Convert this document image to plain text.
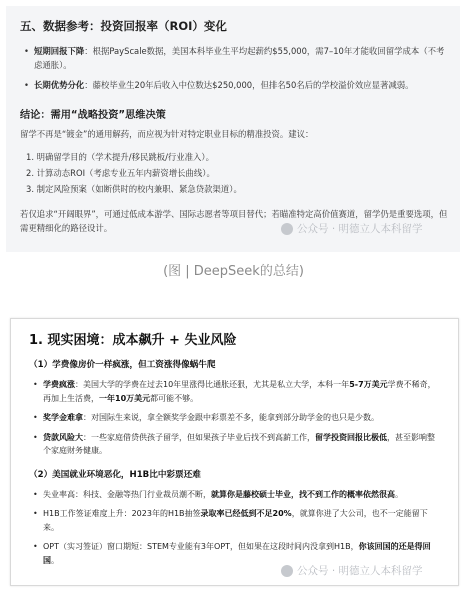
五、数据参考：投资回报率（ROI）变化
• 短期回报下降：根据PayScale数据，美国本科毕业生平均起薪约$55,000，需7–10年才能收回留学成本（不考虑通胀）。
• 长期优势分化：藤校毕业生20年后收入中位数达$250,000，但排名50名后的学校溢价效应显著减弱。
结论：需用“战略投资”思维决策
留学不再是“镀金”的通用解药，而应视为针对特定职业目标的精准投资。建议：
1. 明确留学目的（学术提升/移民跳板/行业准入）。
2. 计算动态ROI（考虑专业五年内薪资增长曲线）。
3. 制定风险预案（如断供时的校内兼职、紧急贷款渠道）。
若仅追求“开阔眼界”，可通过低成本游学、国际志愿者等项目替代；若瞄准特定高价值赛道，留学仍是重要选项，但需更精细化的路径设计。	公众号 · 明德立人本科留学
(图 | DeepSeek的总结)
1. 现实困境：成本飙升 + 失业风险
（1）学费像房价一样疯涨，但工资涨得像蜗牛爬
• 学费疯涨：美国大学的学费在过去10年里涨得比通胀还狠，尤其是私立大学，本科一年5-7万美元学费不稀奇，再加上生活费，一年10万美元都可能不够。
• 奖学金难拿：对国际生来说，拿全额奖学金跟中彩票差不多，能拿到部分助学金的也只是少数。
• 贷款风险大：一些家庭借贷供孩子留学，但如果孩子毕业后找不到高薪工作，留学投资回报比极低，甚至影响整个家庭财务健康。
（2）美国就业环境恶化，H1B比中彩票还难
• 失业率高：科技、金融等热门行业裁员潮不断，就算你是藤校硕士毕业，找不到工作的概率依然很高。
• H1B工作签证难度上升：2023年的H1B抽签录取率已经低到不足20%，就算你进了大公司，也不一定能留下来。
• OPT（实习签证）窗口期短：STEM专业能有3年OPT，但如果在这段时间内没拿到H1B，你该回国的还是得回国。
公众号 · 明德立人本科留学
